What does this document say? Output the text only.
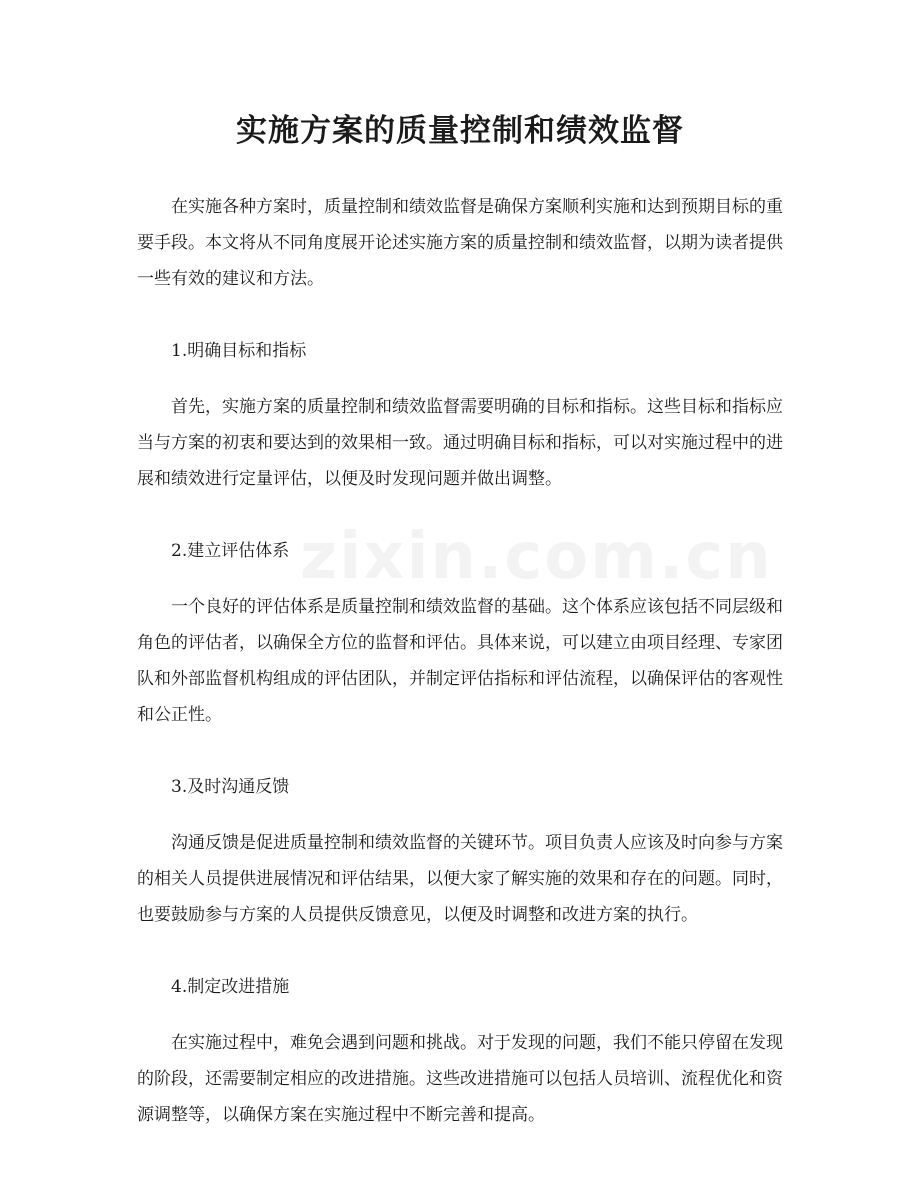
实施方案的质量控制和绩效监督

在实施各种方案时，质量控制和绩效监督是确保方案顺利实施和达到预期目标的重要手段。本文将从不同角度展开论述实施方案的质量控制和绩效监督，以期为读者提供一些有效的建议和方法。

1.明确目标和指标

首先，实施方案的质量控制和绩效监督需要明确的目标和指标。这些目标和指标应当与方案的初衷和要达到的效果相一致。通过明确目标和指标，可以对实施过程中的进展和绩效进行定量评估，以便及时发现问题并做出调整。

2.建立评估体系

一个良好的评估体系是质量控制和绩效监督的基础。这个体系应该包括不同层级和角色的评估者，以确保全方位的监督和评估。具体来说，可以建立由项目经理、专家团队和外部监督机构组成的评估团队，并制定评估指标和评估流程，以确保评估的客观性和公正性。

3.及时沟通反馈

沟通反馈是促进质量控制和绩效监督的关键环节。项目负责人应该及时向参与方案的相关人员提供进展情况和评估结果，以便大家了解实施的效果和存在的问题。同时，也要鼓励参与方案的人员提供反馈意见，以便及时调整和改进方案的执行。

4.制定改进措施

在实施过程中，难免会遇到问题和挑战。对于发现的问题，我们不能只停留在发现的阶段，还需要制定相应的改进措施。这些改进措施可以包括人员培训、流程优化和资源调整等，以确保方案在实施过程中不断完善和提高。
